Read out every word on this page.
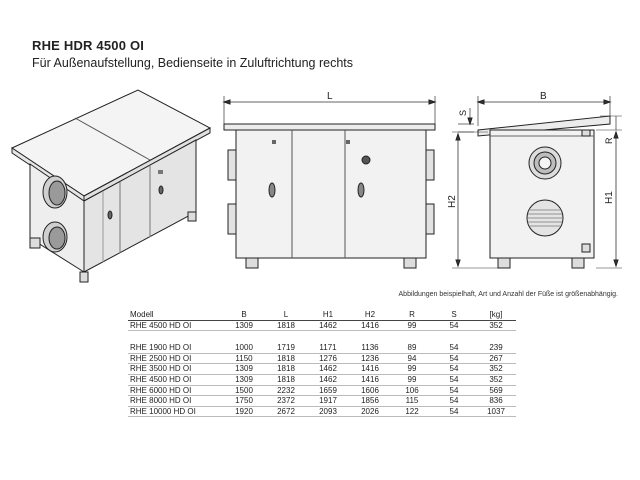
RHE HDR 4500 OI
Für Außenaufstellung, Bedienseite in Zuluftrichtung rechts
L	B
S
H2
R
H1
Abbildungen beispielhaft, Art und Anzahl der Füße ist größenabhängig.
Modell	B	L	H1	H2	R	S	[kg]
RHE 4500 HD OI	1309	1818	1462	1416	99	54	352

RHE 1900 HD OI	1000	1719	1171	1136	89	54	239
RHE 2500 HD OI	1150	1818	1276	1236	94	54	267
RHE 3500 HD OI	1309	1818	1462	1416	99	54	352
RHE 4500 HD OI	1309	1818	1462	1416	99	54	352
RHE 6000 HD OI	1500	2232	1659	1606	106	54	569
RHE 8000 HD OI	1750	2372	1917	1856	115	54	836
RHE 10000 HD OI	1920	2672	2093	2026	122	54	1037
